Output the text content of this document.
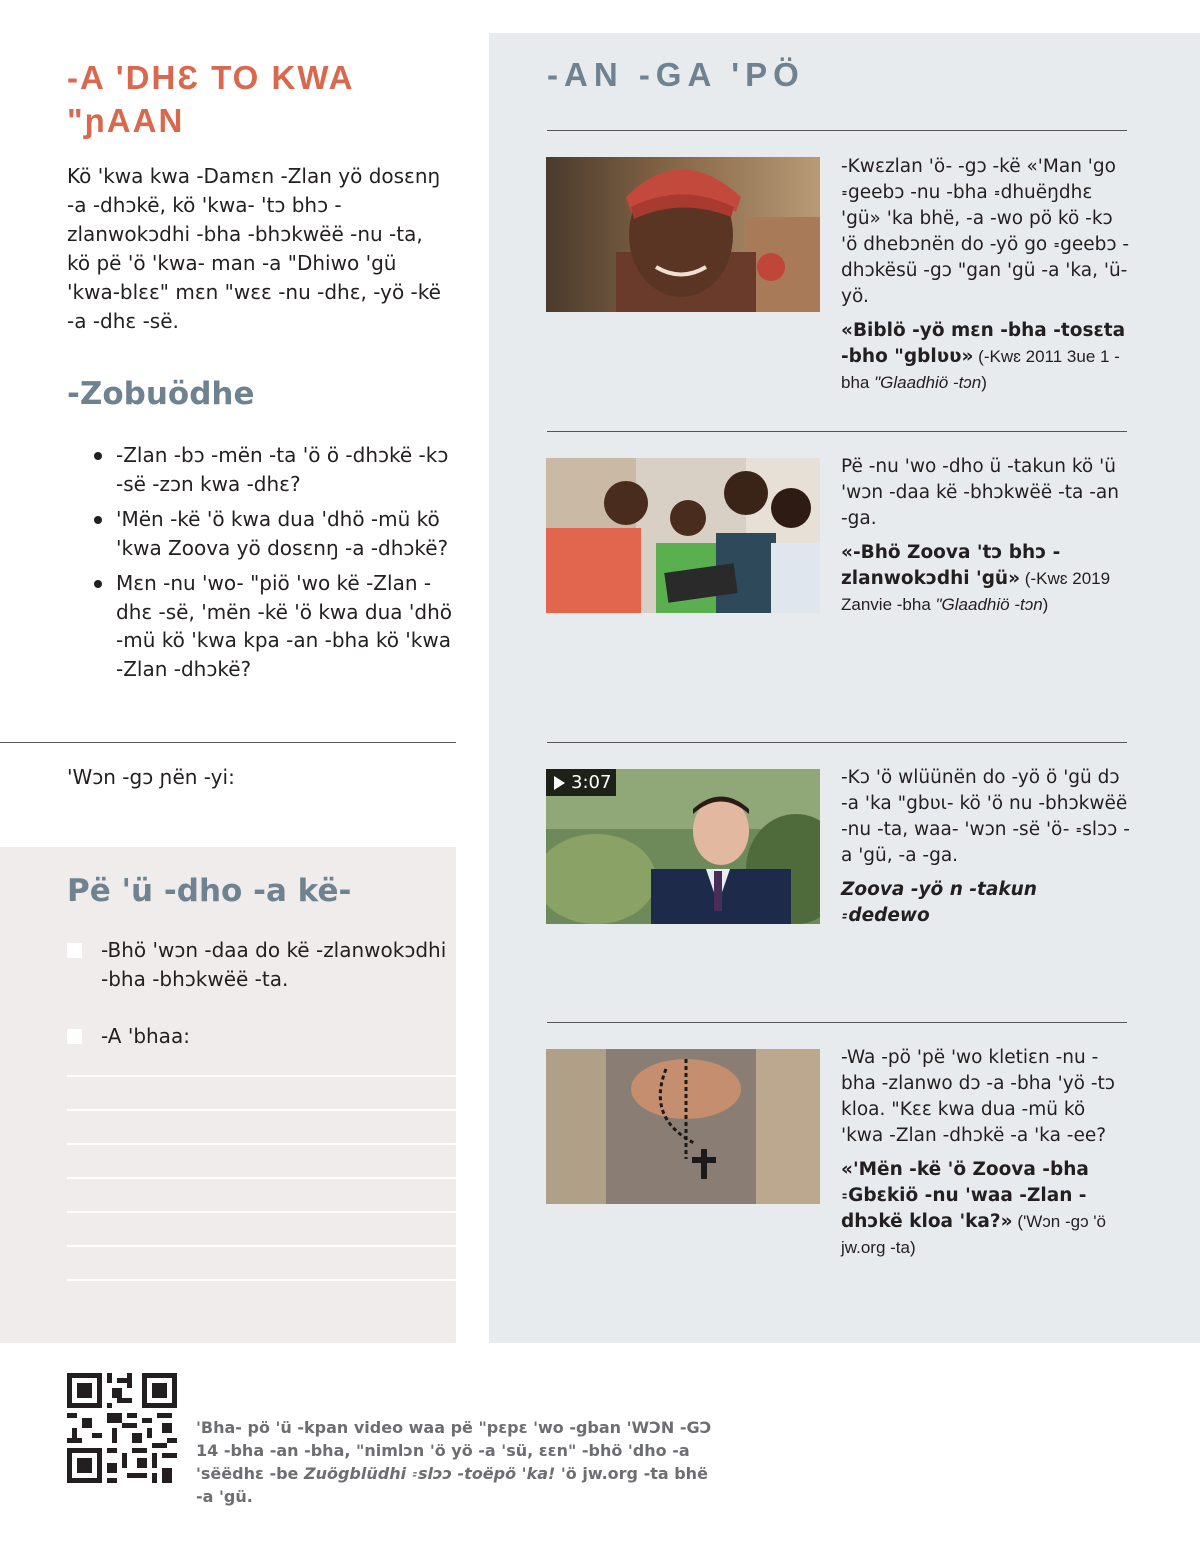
-A 'DHƐ TO KWA
"ɲAAN

Kö 'kwa kwa -Damɛn -Zlan yö dosɛnŋ -a -dhɔkë, kö 'kwa- 'tɔ bhɔ -zlanwokɔdhi -bha -bhɔkwëë -nu -ta, kö pë 'ö 'kwa- man -a "Dhiwo 'gü 'kwa-blɛɛ" mɛn "wɛɛ -nu -dhɛ, -yö -kë -a -dhɛ -së.

-Zobuödhe
-Zlan -bɔ -mën -ta 'ö ö -dhɔkë -kɔ -së -zɔn kwa -dhɛ?
'Mën -kë 'ö kwa dua 'dhö -mü kö 'kwa Zoova yö dosɛnŋ -a -dhɔkë?
Mɛn -nu 'wo- "piö 'wo kë -Zlan -dhɛ -së, 'mën -kë 'ö kwa dua 'dhö -mü kö 'kwa kpa -an -bha kö 'kwa -Zlan -dhɔkë?

'Wɔn -gɔ ɲën -yi:

Pë 'ü -dho -a kë-
-Bhö 'wɔn -daa do kë -zlanwokɔdhi -bha -bhɔkwëë -ta.
-A 'bhaa:
-AN -GA 'PÖ

-Kwɛzlan 'ö- -gɔ -kë «'Man 'go ꞊geebɔ -nu -bha ꞊dhuëŋdhɛ 'gü» 'ka bhë, -a -wo pö kö -kɔ 'ö dhebɔnën do -yö go ꞊geebɔ -dhɔkësü -gɔ "gan 'gü -a 'ka, 'ü- yö.

«Biblö -yö mɛn -bha -tosɛta -bho "gblʋʋ» (-Kwɛ 2011 3ue 1 -bha "Glaadhiö -tɔn)

Pë -nu 'wo -dho ü -takun kö 'ü 'wɔn -daa kë -bhɔkwëë -ta -an -ga.

«-Bhö Zoova 'tɔ bhɔ -zlanwokɔdhi 'gü» (-Kwɛ 2019 Zanvie -bha "Glaadhiö -tɔn)

3:07	-Kɔ 'ö wlüünën do -yö ö 'gü dɔ -a 'ka "gbʋɩ- kö 'ö nu -bhɔkwëë -nu -ta, waa- 'wɔn -së 'ö- ꞊slɔɔ -a 'gü, -a -ga.

Zoova -yö n -takun ꞊dedewo

-Wa -pö 'pë 'wo kletiɛn -nu -bha -zlanwo dɔ -a -bha 'yö -tɔ kloa. "Kɛɛ kwa dua -mü kö 'kwa -Zlan -dhɔkë -a 'ka -ee?

«'Mën -kë 'ö Zoova -bha ꞊Gbɛkiö -nu 'waa -Zlan -dhɔkë kloa 'ka?» ('Wɔn -gɔ 'ö jw.org -ta)

'Bha- pö 'ü -kpan video waa pë "pɛpɛ 'wo -gban 'WƆN -GƆ 14 -bha -an -bha, "nimlɔn 'ö yö -a 'sü, ɛɛn" -bhö 'dho -a 'sëëdhɛ -be Zuögblüdhi ꞊slɔɔ -toëpö 'ka! 'ö jw.org -ta bhë -a 'gü.
